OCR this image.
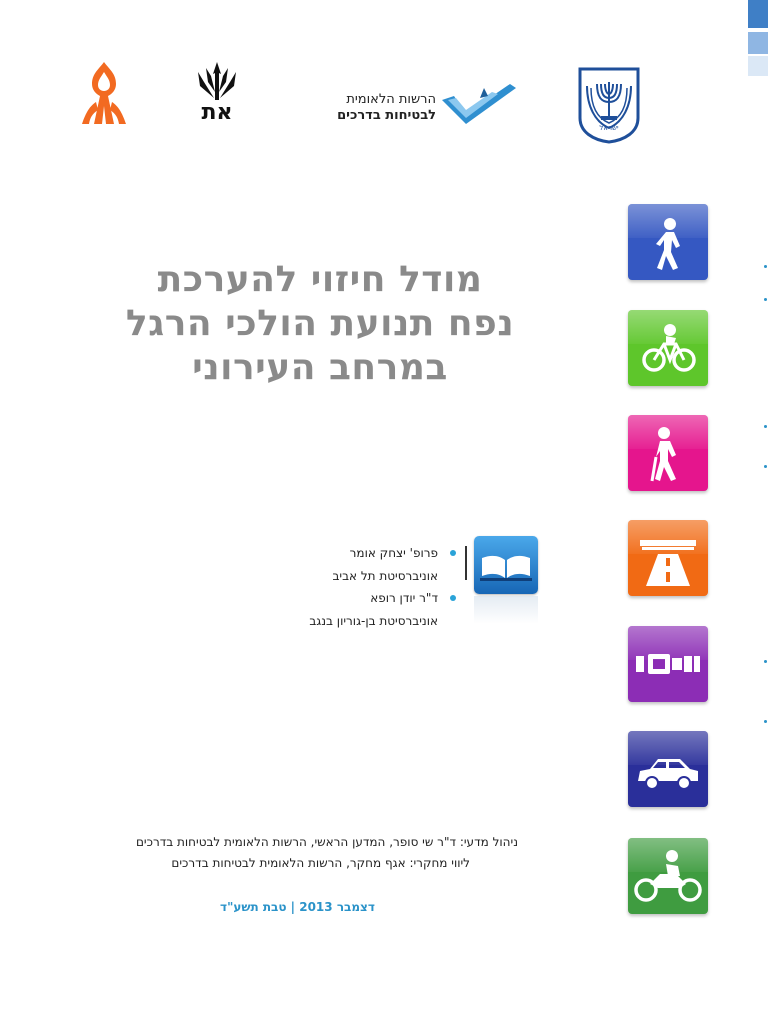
את
הרשות הלאומית
לבטיחות בדרכים
ישראל
מודל חיזוי להערכת
נפח תנועת הולכי הרגל
במרחב העירוני
פרופ' יצחק אומר
אוניברסיטת תל אביב
ד"ר יודן רופא
אוניברסיטת בן-גוריון בנגב
ניהול מדעי: ד"ר שי סופר, המדען הראשי, הרשות הלאומית לבטיחות בדרכים
ליווי מחקרי: אגף מחקר, הרשות הלאומית לבטיחות בדרכים
דצמבר 2013 | טבת תשע"ד
